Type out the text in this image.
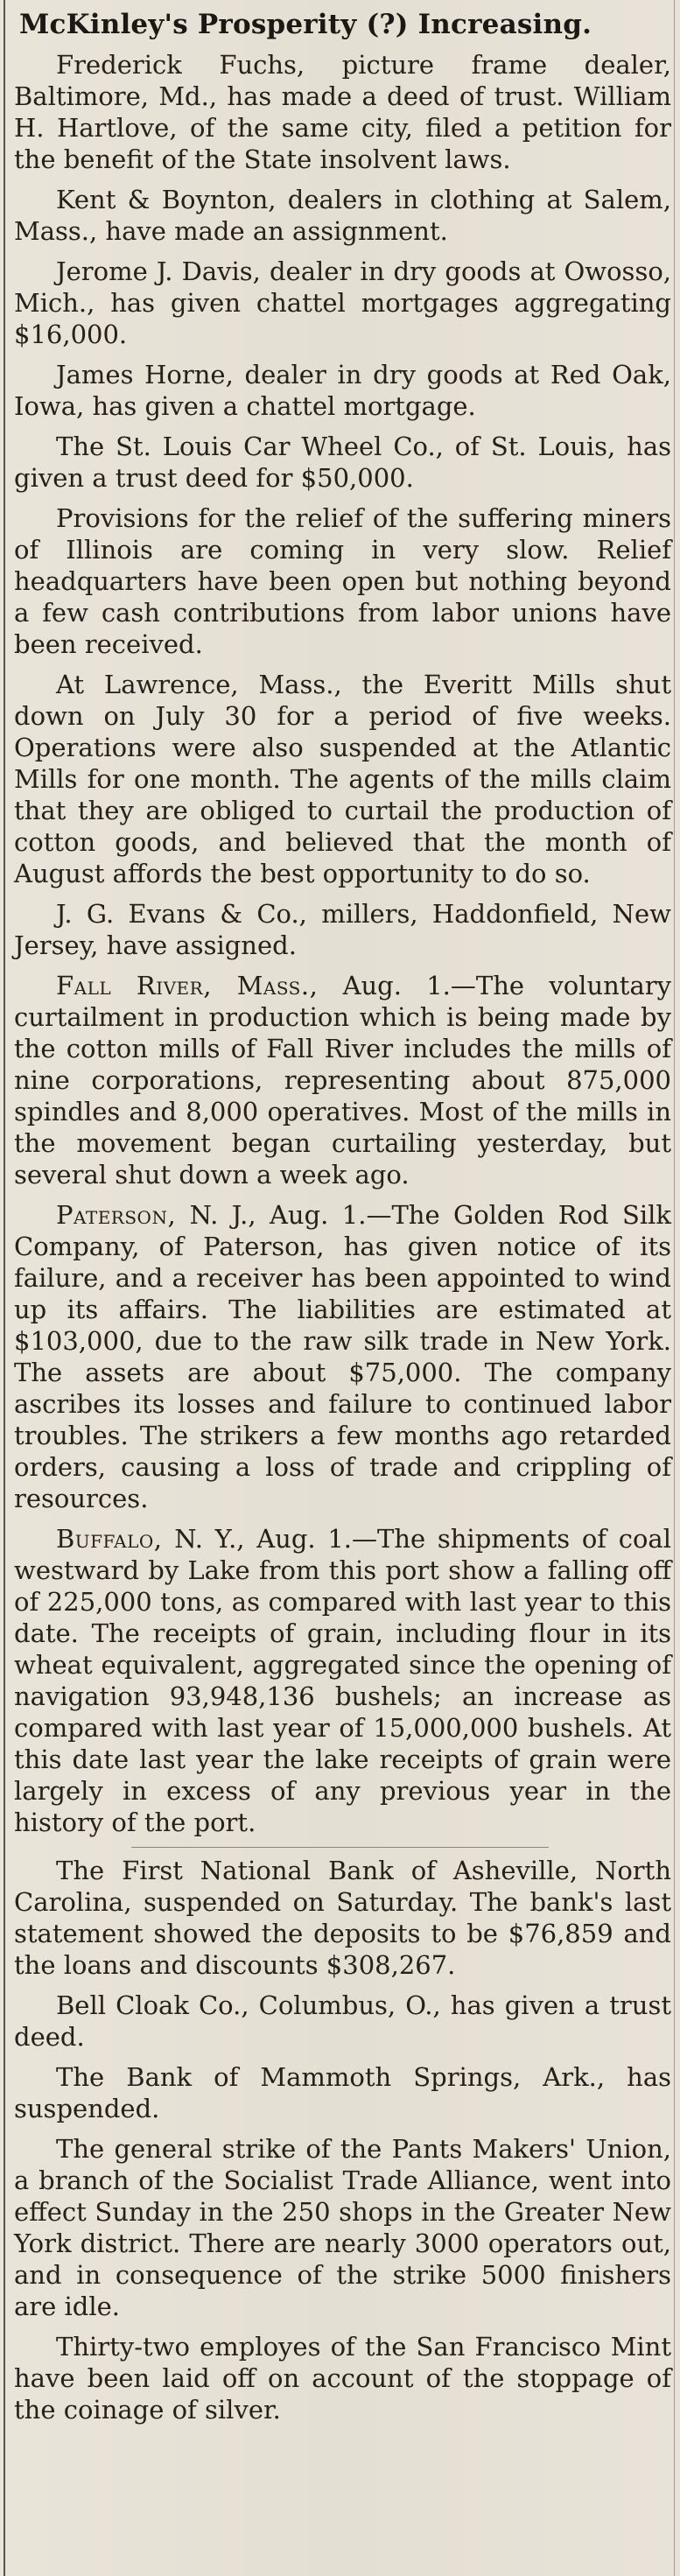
McKinley's Prosperity (?) Increasing.

Frederick Fuchs, picture frame dealer, Baltimore, Md., has made a deed of trust. William H. Hartlove, of the same city, filed a petition for the benefit of the State insolvent laws.

Kent & Boynton, dealers in clothing at Salem, Mass., have made an assignment.

Jerome J. Davis, dealer in dry goods at Owosso, Mich., has given chattel mortgages aggregating $16,000.

James Horne, dealer in dry goods at Red Oak, Iowa, has given a chattel mortgage.

The St. Louis Car Wheel Co., of St. Louis, has given a trust deed for $50,000.

Provisions for the relief of the suffering miners of Illinois are coming in very slow. Relief headquarters have been open but nothing beyond a few cash contributions from labor unions have been received.

At Lawrence, Mass., the Everitt Mills shut down on July 30 for a period of five weeks. Operations were also suspended at the Atlantic Mills for one month. The agents of the mills claim that they are obliged to curtail the production of cotton goods, and believed that the month of August affords the best opportunity to do so.

J. G. Evans & Co., millers, Haddonfield, New Jersey, have assigned.

Fall River, Mass., Aug. 1.—The voluntary curtailment in production which is being made by the cotton mills of Fall River includes the mills of nine corporations, representing about 875,000 spindles and 8,000 operatives. Most of the mills in the movement began curtailing yesterday, but several shut down a week ago.

Paterson, N. J., Aug. 1.—The Golden Rod Silk Company, of Paterson, has given notice of its failure, and a receiver has been appointed to wind up its affairs. The liabilities are estimated at $103,000, due to the raw silk trade in New York. The assets are about $75,000. The company ascribes its losses and failure to continued labor troubles. The strikers a few months ago retarded orders, causing a loss of trade and crippling of resources.

Buffalo, N. Y., Aug. 1.—The shipments of coal westward by Lake from this port show a falling off of 225,000 tons, as compared with last year to this date. The receipts of grain, including flour in its wheat equivalent, aggregated since the opening of navigation 93,948,136 bushels; an increase as compared with last year of 15,000,000 bushels. At this date last year the lake receipts of grain were largely in excess of any previous year in the history of the port.

The First National Bank of Asheville, North Carolina, suspended on Saturday. The bank's last statement showed the deposits to be $76,859 and the loans and discounts $308,267.

Bell Cloak Co., Columbus, O., has given a trust deed.

The Bank of Mammoth Springs, Ark., has suspended.

The general strike of the Pants Makers' Union, a branch of the Socialist Trade Alliance, went into effect Sunday in the 250 shops in the Greater New York district. There are nearly 3000 operators out, and in consequence of the strike 5000 finishers are idle.

Thirty-two employes of the San Francisco Mint have been laid off on account of the stoppage of the coinage of silver.
